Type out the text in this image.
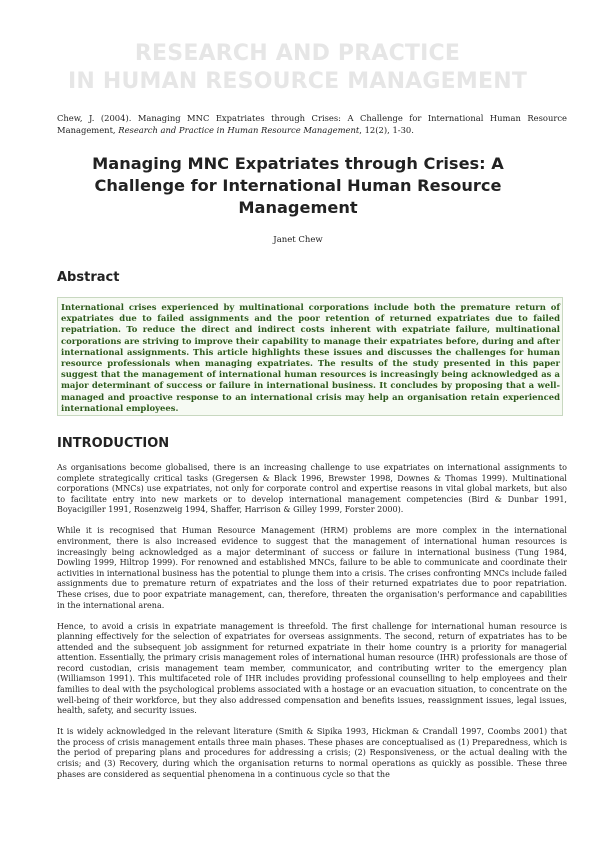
RESEARCH AND PRACTICE
IN HUMAN RESOURCE MANAGEMENT
Chew, J. (2004). Managing MNC Expatriates through Crises: A Challenge for International Human Resource Management, Research and Practice in Human Resource Management, 12(2), 1-30.
Managing MNC Expatriates through Crises: A Challenge for International Human Resource Management
Janet Chew
Abstract
International crises experienced by multinational corporations include both the premature return of expatriates due to failed assignments and the poor retention of returned expatriates due to failed repatriation. To reduce the direct and indirect costs inherent with expatriate failure, multinational corporations are striving to improve their capability to manage their expatriates before, during and after international assignments. This article highlights these issues and discusses the challenges for human resource professionals when managing expatriates. The results of the study presented in this paper suggest that the management of international human resources is increasingly being acknowledged as a major determinant of success or failure in international business. It concludes by proposing that a well-managed and proactive response to an international crisis may help an organisation retain experienced international employees.
INTRODUCTION

As organisations become globalised, there is an increasing challenge to use expatriates on international assignments to complete strategically critical tasks (Gregersen & Black 1996, Brewster 1998, Downes & Thomas 1999). Multinational corporations (MNCs) use expatriates, not only for corporate control and expertise reasons in vital global markets, but also to facilitate entry into new markets or to develop international management competencies (Bird & Dunbar 1991, Boyacigiller 1991, Rosenzweig 1994, Shaffer, Harrison & Gilley 1999, Forster 2000).

While it is recognised that Human Resource Management (HRM) problems are more complex in the international environment, there is also increased evidence to suggest that the management of international human resources is increasingly being acknowledged as a major determinant of success or failure in international business (Tung 1984, Dowling 1999, Hiltrop 1999). For renowned and established MNCs, failure to be able to communicate and coordinate their activities in international business has the potential to plunge them into a crisis. The crises confronting MNCs include failed assignments due to premature return of expatriates and the loss of their returned expatriates due to poor repatriation. These crises, due to poor expatriate management, can, therefore, threaten the organisation's performance and capabilities in the international arena.

Hence, to avoid a crisis in expatriate management is threefold. The first challenge for international human resource is planning effectively for the selection of expatriates for overseas assignments. The second, return of expatriates has to be attended and the subsequent job assignment for returned expatriate in their home country is a priority for managerial attention. Essentially, the primary crisis management roles of international human resource (IHR) professionals are those of record custodian, crisis management team member, communicator, and contributing writer to the emergency plan (Williamson 1991). This multifaceted role of IHR includes providing professional counselling to help employees and their families to deal with the psychological problems associated with a hostage or an evacuation situation, to concentrate on the well-being of their workforce, but they also addressed compensation and benefits issues, reassignment issues, legal issues, health, safety, and security issues.

It is widely acknowledged in the relevant literature (Smith & Sipika 1993, Hickman & Crandall 1997, Coombs 2001) that the process of crisis management entails three main phases. These phases are conceptualised as (1) Preparedness, which is the period of preparing plans and procedures for addressing a crisis; (2) Responsiveness, or the actual dealing with the crisis; and (3) Recovery, during which the organisation returns to normal operations as quickly as possible. These three phases are considered as sequential phenomena in a continuous cycle so that the
